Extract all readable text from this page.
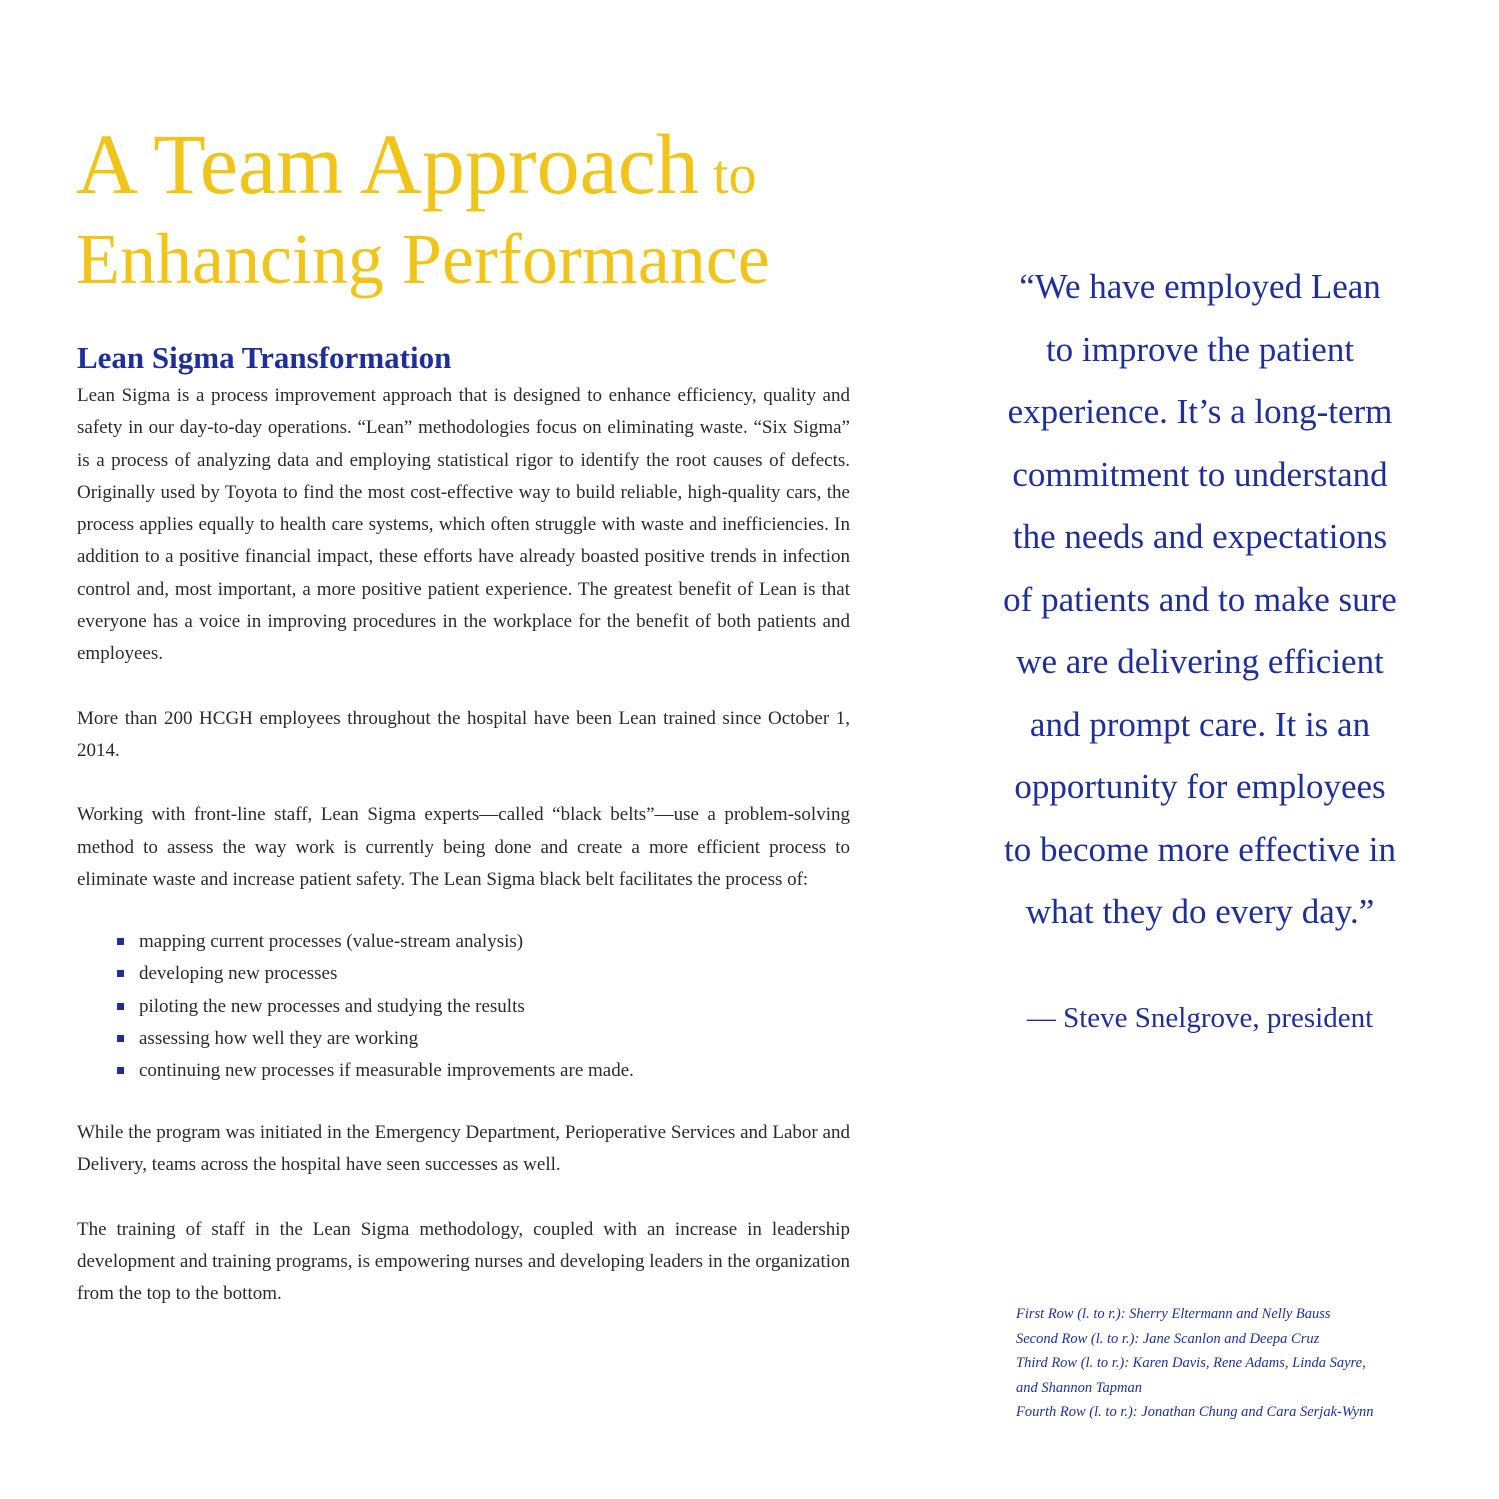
A Team Approach to
Enhancing Performance
Lean Sigma Transformation

Lean Sigma is a process improvement approach that is designed to enhance efficiency, quality and safety in our day-to-day operations. “Lean” methodologies focus on eliminating waste. “Six Sigma” is a process of analyzing data and employing statistical rigor to identify the root causes of defects. Originally used by Toyota to find the most cost-effective way to build reliable, high-quality cars, the process applies equally to health care systems, which often struggle with waste and inefficiencies. In addition to a positive financial impact, these efforts have already boasted positive trends in infection control and, most important, a more positive patient experience. The greatest benefit of Lean is that everyone has a voice in improving procedures in the workplace for the benefit of both patients and employees.

More than 200 HCGH employees throughout the hospital have been Lean trained since October 1, 2014.

Working with front-line staff, Lean Sigma experts—called “black belts”—use a problem-solving method to assess the way work is currently being done and create a more efficient process to eliminate waste and increase patient safety. The Lean Sigma black belt facilitates the process of:

mapping current processes (value-stream analysis)
developing new processes
piloting the new processes and studying the results
assessing how well they are working
continuing new processes if measurable improvements are made.

While the program was initiated in the Emergency Department, Perioperative Services and Labor and Delivery, teams across the hospital have seen successes as well.

The training of staff in the Lean Sigma methodology, coupled with an increase in leadership development and training programs, is empowering nurses and developing leaders in the organization from the top to the bottom.

“We have employed Lean
to improve the patient
experience. It’s a long-term
commitment to understand
the needs and expectations
of patients and to make sure
we are delivering efficient
and prompt care. It is an
opportunity for employees
to become more effective in
what they do every day.”

— Steve Snelgrove, president

First Row (l. to r.): Sherry Eltermann and Nelly Bauss
Second Row (l. to r.): Jane Scanlon and Deepa Cruz
Third Row (l. to r.): Karen Davis, Rene Adams, Linda Sayre,
and Shannon Tapman
Fourth Row (l. to r.): Jonathan Chung and Cara Serjak-Wynn
